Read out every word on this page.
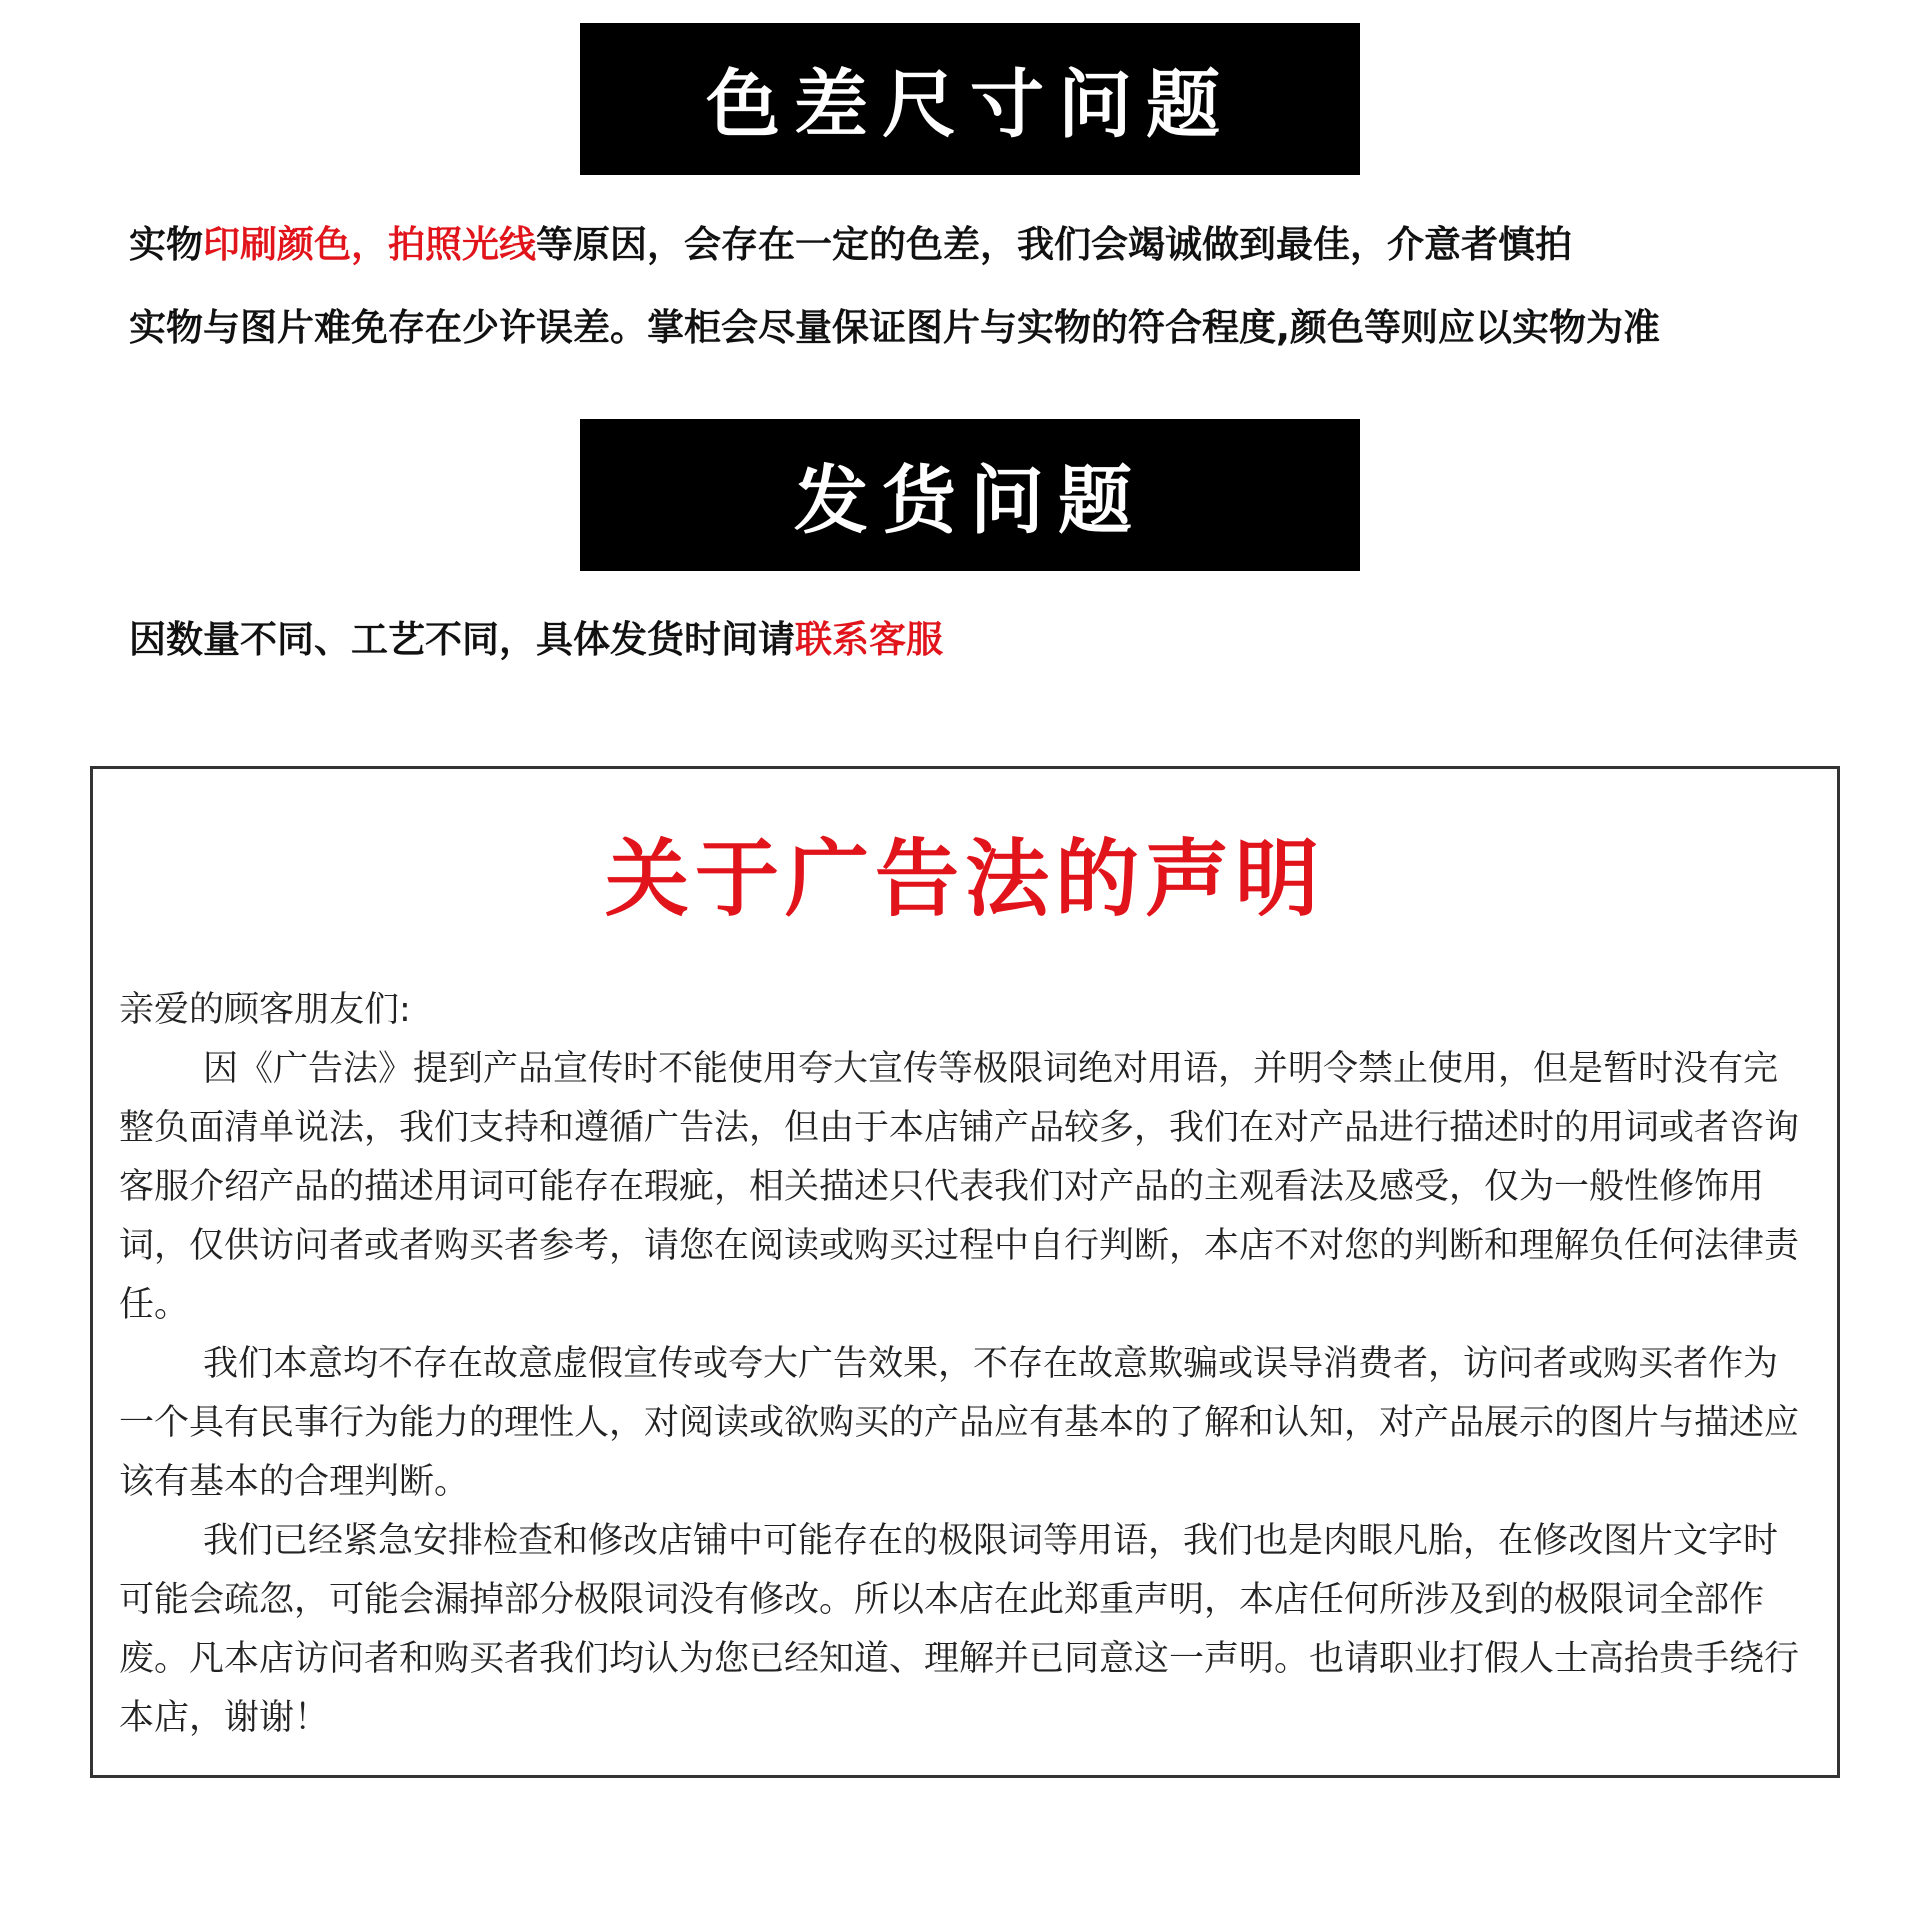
色差尺寸问题
实物印刷颜色，拍照光线等原因，会存在一定的色差，我们会竭诚做到最佳，介意者慎拍
实物与图片难免存在少许误差。掌柜会尽量保证图片与实物的符合程度,颜色等则应以实物为准
发货问题
因数量不同、工艺不同，具体发货时间请联系客服
关于广告法的声明

亲爱的顾客朋友们:

因《广告法》提到产品宣传时不能使用夸大宣传等极限词绝对用语，并明令禁止使用，但是暂时没有完整负面清单说法，我们支持和遵循广告法，但由于本店铺产品较多，我们在对产品进行描述时的用词或者咨询客服介绍产品的描述用词可能存在瑕疵，相关描述只代表我们对产品的主观看法及感受，仅为一般性修饰用词，仅供访问者或者购买者参考，请您在阅读或购买过程中自行判断，本店不对您的判断和理解负任何法律责任。

我们本意均不存在故意虚假宣传或夸大广告效果，不存在故意欺骗或误导消费者，访问者或购买者作为一个具有民事行为能力的理性人，对阅读或欲购买的产品应有基本的了解和认知，对产品展示的图片与描述应该有基本的合理判断。

我们已经紧急安排检查和修改店铺中可能存在的极限词等用语，我们也是肉眼凡胎，在修改图片文字时可能会疏忽，可能会漏掉部分极限词没有修改。所以本店在此郑重声明，本店任何所涉及到的极限词全部作废。凡本店访问者和购买者我们均认为您已经知道、理解并已同意这一声明。也请职业打假人士高抬贵手绕行本店，谢谢！
